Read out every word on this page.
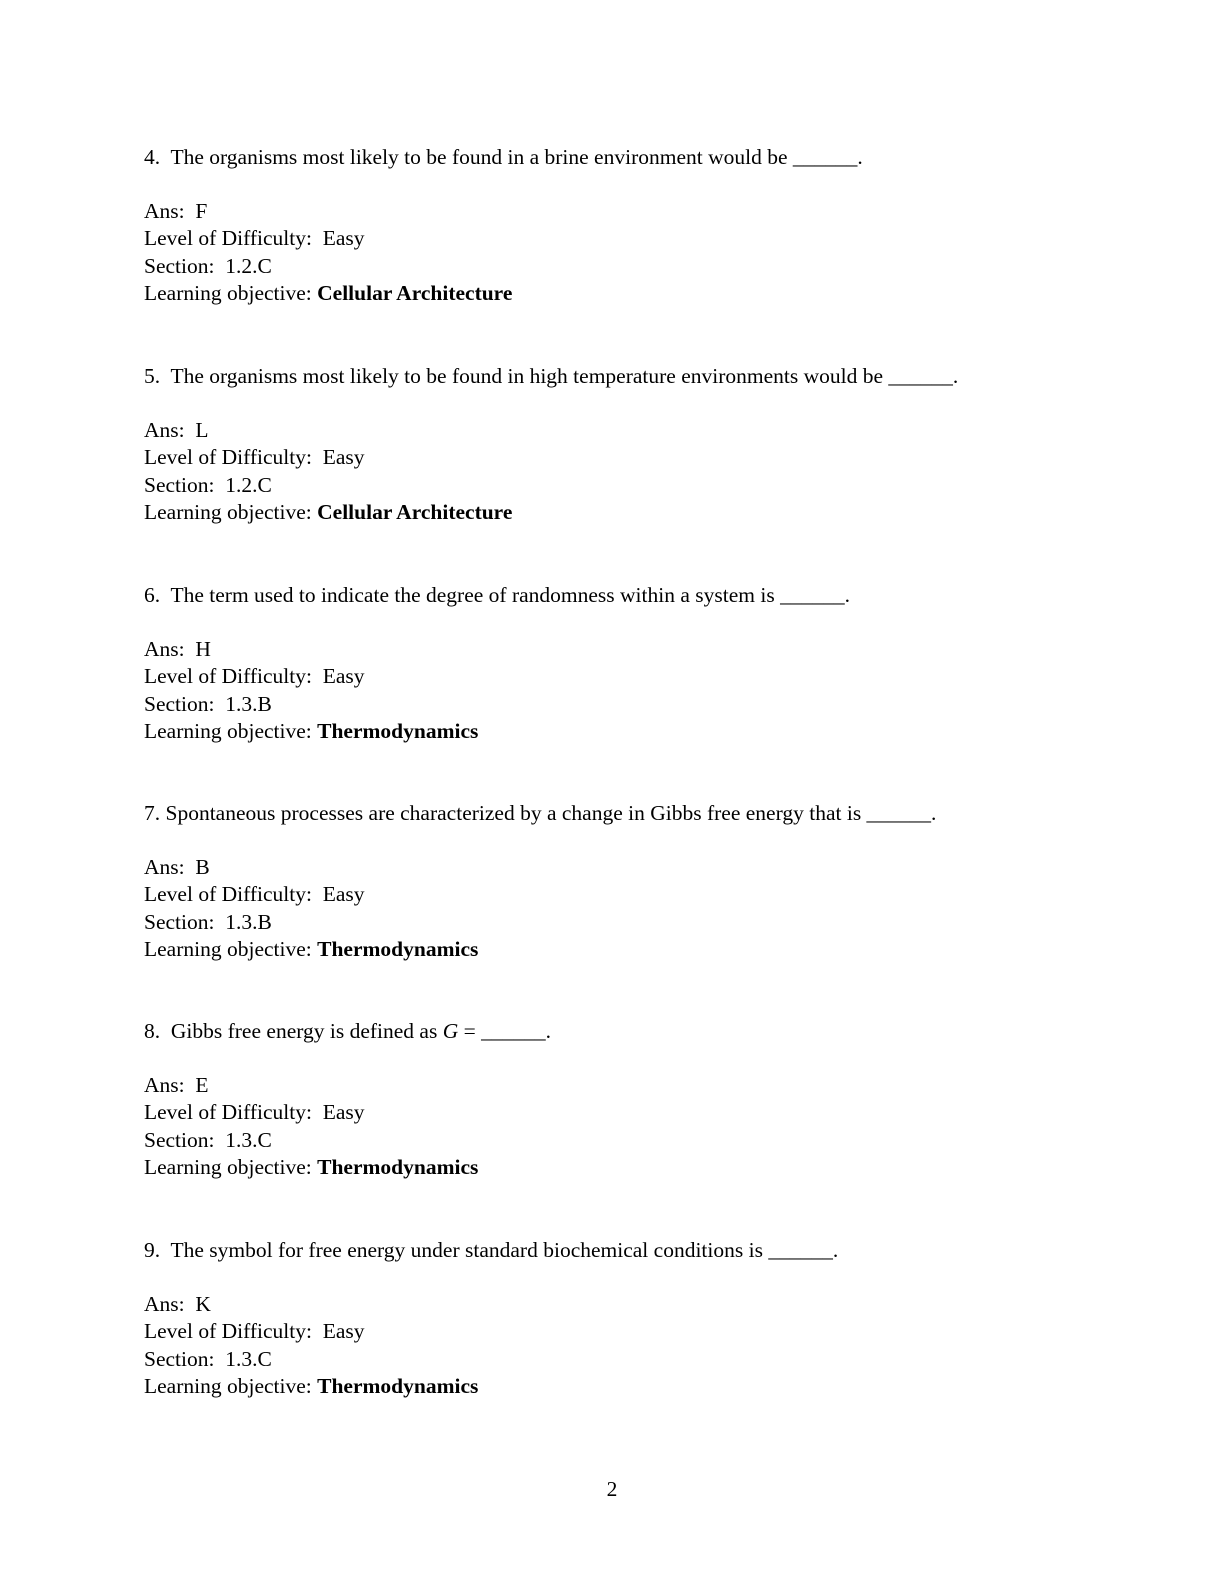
4.  The organisms most likely to be found in a brine environment would be ______.

Ans:  F
Level of Difficulty:  Easy
Section:  1.2.C
Learning objective: Cellular Architecture

5.  The organisms most likely to be found in high temperature environments would be ______.

Ans:  L
Level of Difficulty:  Easy
Section:  1.2.C
Learning objective: Cellular Architecture

6.  The term used to indicate the degree of randomness within a system is ______.

Ans:  H
Level of Difficulty:  Easy
Section:  1.3.B
Learning objective: Thermodynamics

7. Spontaneous processes are characterized by a change in Gibbs free energy that is ______.

Ans:  B
Level of Difficulty:  Easy
Section:  1.3.B
Learning objective: Thermodynamics

8.  Gibbs free energy is defined as G = ______.

Ans:  E
Level of Difficulty:  Easy
Section:  1.3.C
Learning objective: Thermodynamics

9.  The symbol for free energy under standard biochemical conditions is ______.

Ans:  K
Level of Difficulty:  Easy
Section:  1.3.C
Learning objective: Thermodynamics
2
